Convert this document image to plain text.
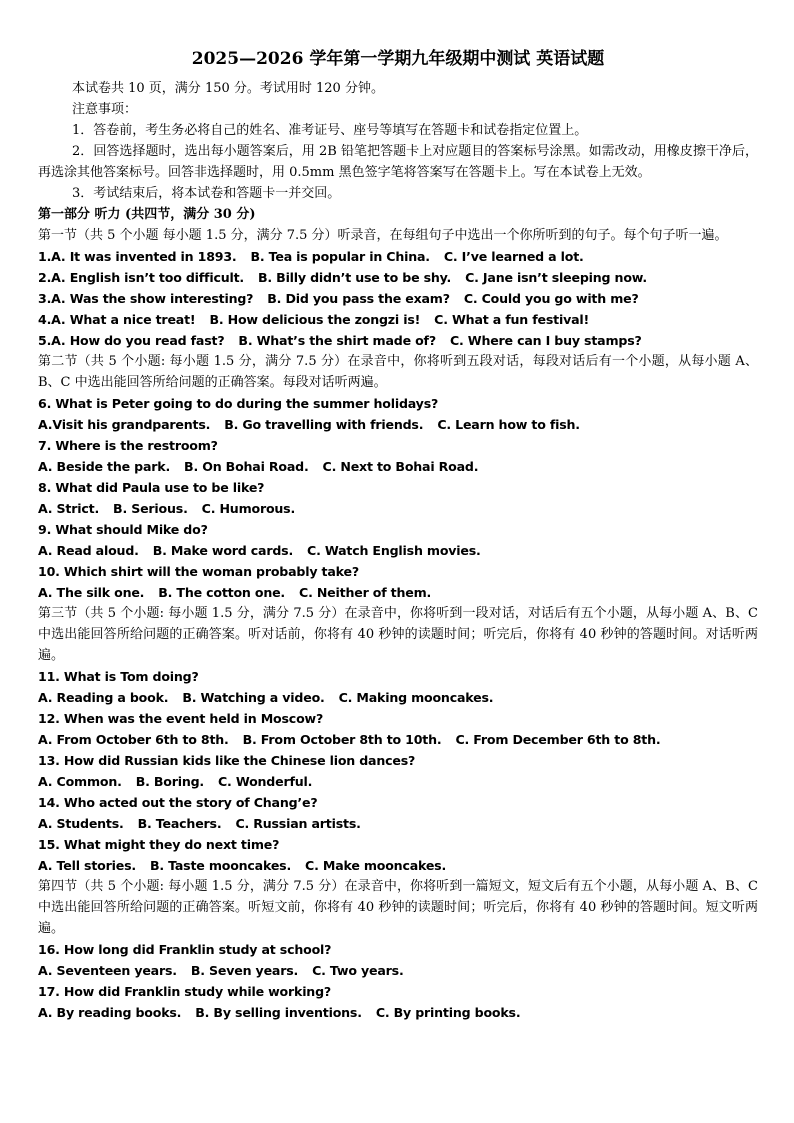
2025—2026 学年第一学期九年级期中测试 英语试题

本试卷共 10 页，满分 150 分。考试用时 120 分钟。

注意事项：

1．答卷前，考生务必将自己的姓名、准考证号、座号等填写在答题卡和试卷指定位置上。

2．回答选择题时，选出每小题答案后，用 2B 铅笔把答题卡上对应题目的答案标号涂黑。如需改动，用橡皮擦干净后，再选涂其他答案标号。回答非选择题时，用 0.5mm 黑色签字笔将答案写在答题卡上。写在本试卷上无效。

3．考试结束后，将本试卷和答题卡一并交回。

第一部分 听力 (共四节，满分 30 分)

第一节（共 5 个小题 每小题 1.5 分，满分 7.5 分）听录音，在每组句子中选出一个你所听到的句子。每个句子听一遍。

1.A. It was invented in 1893. B. Tea is popular in China. C. I’ve learned a lot.

2.A. English isn’t too difficult. B. Billy didn’t use to be shy. C. Jane isn’t sleeping now.

3.A. Was the show interesting? B. Did you pass the exam? C. Could you go with me?

4.A. What a nice treat! B. How delicious the zongzi is! C. What a fun festival!

5.A. How do you read fast? B. What’s the shirt made of? C. Where can I buy stamps?

第二节（共 5 个小题: 每小题 1.5 分，满分 7.5 分）在录音中，你将听到五段对话，每段对话后有一个小题，从每小题 A、B、C 中选出能回答所给问题的正确答案。每段对话听两遍。

6. What is Peter going to do during the summer holidays?

A.Visit his grandparents. B. Go travelling with friends. C. Learn how to fish.

7. Where is the restroom?

A. Beside the park. B. On Bohai Road. C. Next to Bohai Road.

8. What did Paula use to be like?

A. Strict. B. Serious. C. Humorous.

9. What should Mike do?

A. Read aloud. B. Make word cards. C. Watch English movies.

10. Which shirt will the woman probably take?

A. The silk one. B. The cotton one. C. Neither of them.

第三节（共 5 个小题: 每小题 1.5 分，满分 7.5 分）在录音中，你将听到一段对话，对话后有五个小题，从每小题 A、B、C 中选出能回答所给问题的正确答案。听对话前，你将有 40 秒钟的读题时间；听完后，你将有 40 秒钟的答题时间。对话听两遍。

11. What is Tom doing?

A. Reading a book. B. Watching a video. C. Making mooncakes.

12. When was the event held in Moscow?

A. From October 6th to 8th. B. From October 8th to 10th. C. From December 6th to 8th.

13. How did Russian kids like the Chinese lion dances?

A. Common. B. Boring. C. Wonderful.

14. Who acted out the story of Chang’e?

A. Students. B. Teachers. C. Russian artists.

15. What might they do next time?

A. Tell stories. B. Taste mooncakes. C. Make mooncakes.

第四节（共 5 个小题: 每小题 1.5 分，满分 7.5 分）在录音中，你将听到一篇短文，短文后有五个小题，从每小题 A、B、C 中选出能回答所给问题的正确答案。听短文前，你将有 40 秒钟的读题时间；听完后，你将有 40 秒钟的答题时间。短文听两遍。

16. How long did Franklin study at school?

A. Seventeen years. B. Seven years. C. Two years.

17. How did Franklin study while working?

A. By reading books. B. By selling inventions. C. By printing books.
